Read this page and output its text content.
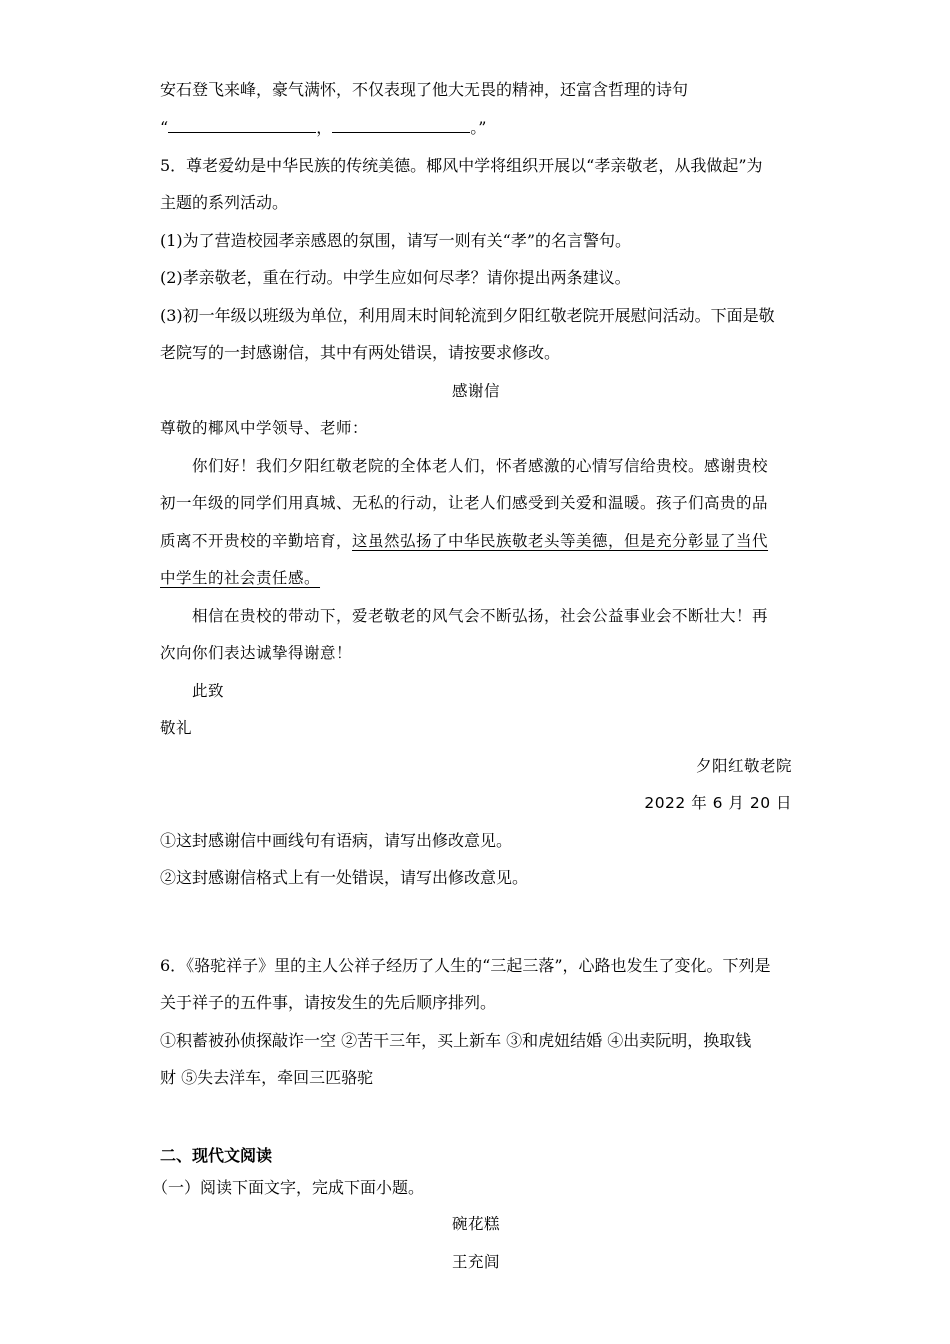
安石登飞来峰，豪气满怀，不仅表现了他大无畏的精神，还富含哲理的诗句
“	，	。”
5．尊老爱幼是中华民族的传统美德。椰风中学将组织开展以“孝亲敬老，从我做起”为
主题的系列活动。
(1)为了营造校园孝亲感恩的氛围，请写一则有关“孝”的名言警句。
(2)孝亲敬老，重在行动。中学生应如何尽孝？请你提出两条建议。
(3)初一年级以班级为单位，利用周末时间轮流到夕阳红敬老院开展慰问活动。下面是敬
老院写的一封感谢信，其中有两处错误，请按要求修改。
感谢信
尊敬的椰风中学领导、老师：
你们好！我们夕阳红敬老院的全体老人们，怀者感激的心情写信给贵校。感谢贵校
初一年级的同学们用真城、无私的行动，让老人们感受到关爱和温暖。孩子们高贵的品
质离不开贵校的辛勤培育，这虽然弘扬了中华民族敬老头等美德，但是充分彰显了当代
中学生的社会责任感。
相信在贵校的带动下，爱老敬老的风气会不断弘扬，社会公益事业会不断壮大！再
次向你们表达诚挚得谢意！
此致
敬礼
夕阳红敬老院
2022 年 6 月 20 日
①这封感谢信中画线句有语病，请写出修改意见。
②这封感谢信格式上有一处错误，请写出修改意见。
6．《骆驼祥子》里的主人公祥子经历了人生的“三起三落”，心路也发生了变化。下列是
关于祥子的五件事，请按发生的先后顺序排列。
①积蓄被孙侦探敲诈一空 ②苦干三年，买上新车 ③和虎妞结婚 ④出卖阮明，换取钱
财 ⑤失去洋车，牵回三匹骆驼
二、现代文阅读
（一）阅读下面文字，完成下面小题。
碗花糕
王充闾
